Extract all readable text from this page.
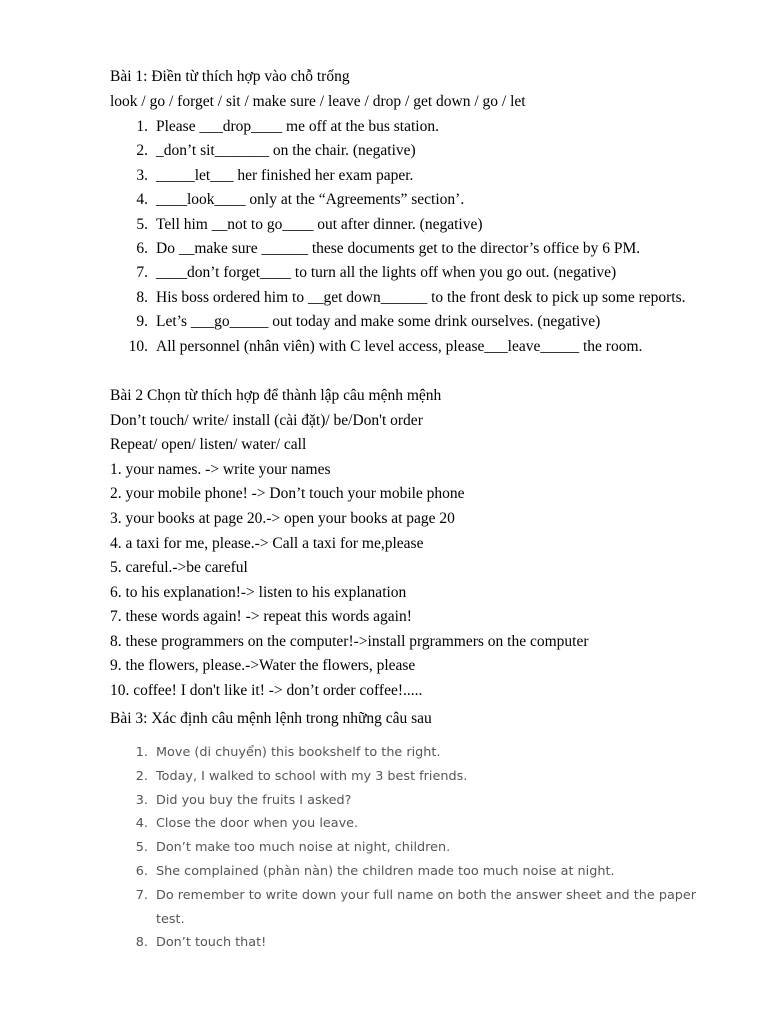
Bài 1: Điền từ thích hợp vào chỗ trống
look / go / forget / sit / make sure / leave / drop / get down / go / let
1. Please ___drop____ me off at the bus station.
2. _don’t sit_______ on the chair. (negative)
3. _____let___ her finished her exam paper.
4. ____look____ only at the “Agreements” section’.
5. Tell him __not to go____ out after dinner. (negative)
6. Do __make sure ______ these documents get to the director’s office by 6 PM.
7. ____don’t forget____ to turn all the lights off when you go out. (negative)
8. His boss ordered him to __get down______ to the front desk to pick up some reports.
9. Let’s ___go_____ out today and make some drink ourselves. (negative)
10. All personnel (nhân viên) with C level access, please___leave_____ the room.
Bài 2 Chọn từ thích hợp để thành lập câu mệnh mệnh
Don’t touch/ write/ install (cài đặt)/ be/Don't order
Repeat/ open/ listen/ water/ call
1. your names. -> write your names
2. your mobile phone! -> Don’t touch your mobile phone
3. your books at page 20.-> open your books at page 20
4. a taxi for me, please.-> Call a taxi for me,please
5. careful.->be careful
6. to his explanation!-> listen to his explanation
7. these words again! -> repeat this words again!
8. these programmers on the computer!->install prgrammers on the computer
9. the flowers, please.->Water the flowers, please
10. coffee! I don't like it! -> don’t order coffee!.....
Bài 3: Xác định câu mệnh lệnh trong những câu sau
1. Move (di chuyển) this bookshelf to the right.
2. Today, I walked to school with my 3 best friends.
3. Did you buy the fruits I asked?
4. Close the door when you leave.
5. Don’t make too much noise at night, children.
6. She complained (phàn nàn) the children made too much noise at night.
7. Do remember to write down your full name on both the answer sheet and the paper test.
8. Don’t touch that!
